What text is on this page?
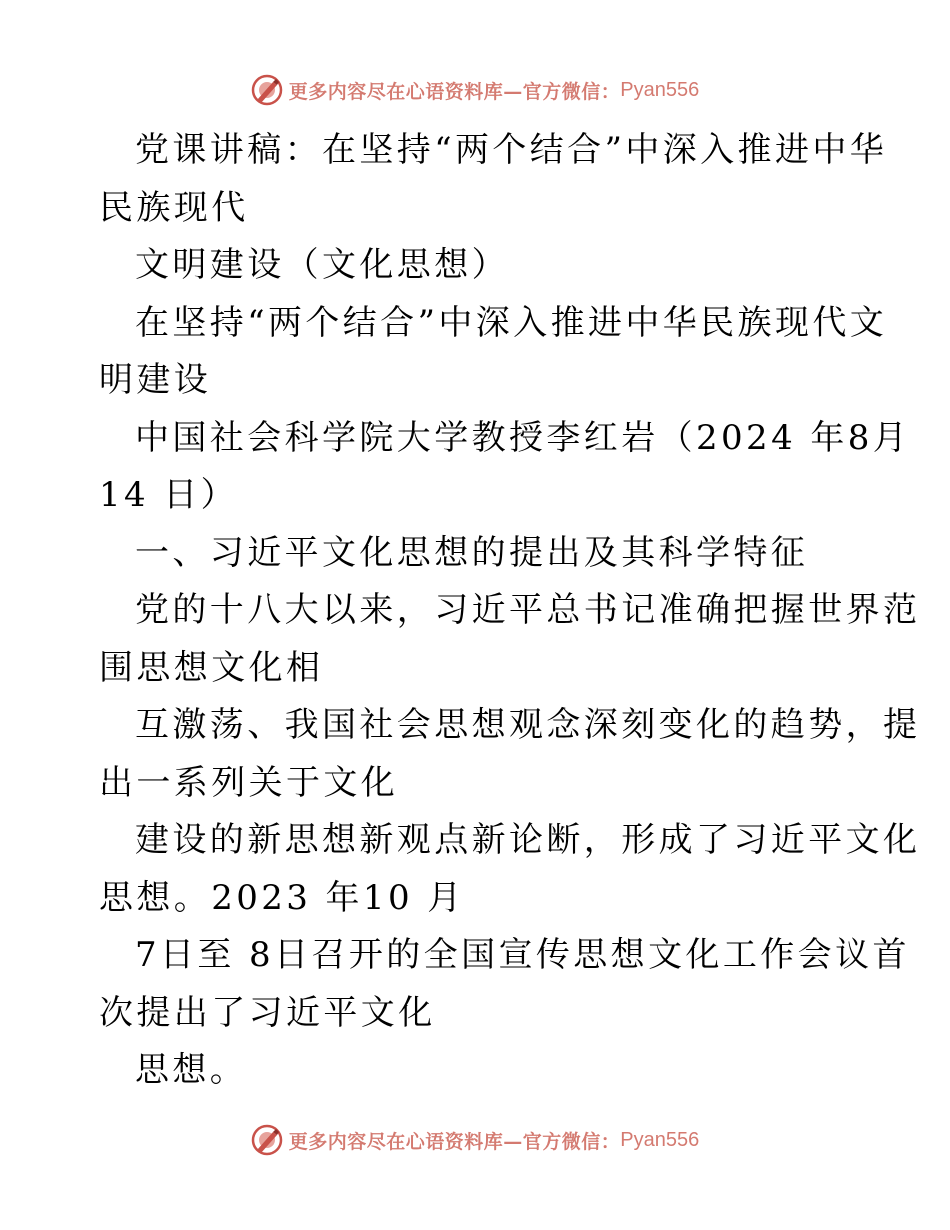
更多内容尽在心语资料库—官方微信： Pyan556
党课讲稿：在坚持“两个结合”中深入推进中华
民族现代
文明建设（文化思想）
在坚持“两个结合”中深入推进中华民族现代文
明建设
中国社会科学院大学教授李红岩（2024 年8月
14 日）
一、习近平文化思想的提出及其科学特征
党的十八大以来，习近平总书记准确把握世界范
围思想文化相
互激荡、我国社会思想观念深刻变化的趋势，提
出一系列关于文化
建设的新思想新观点新论断，形成了习近平文化
思想。2023 年10 月
7日至 8日召开的全国宣传思想文化工作会议首
次提出了习近平文化
思想。
更多内容尽在心语资料库—官方微信： Pyan556
